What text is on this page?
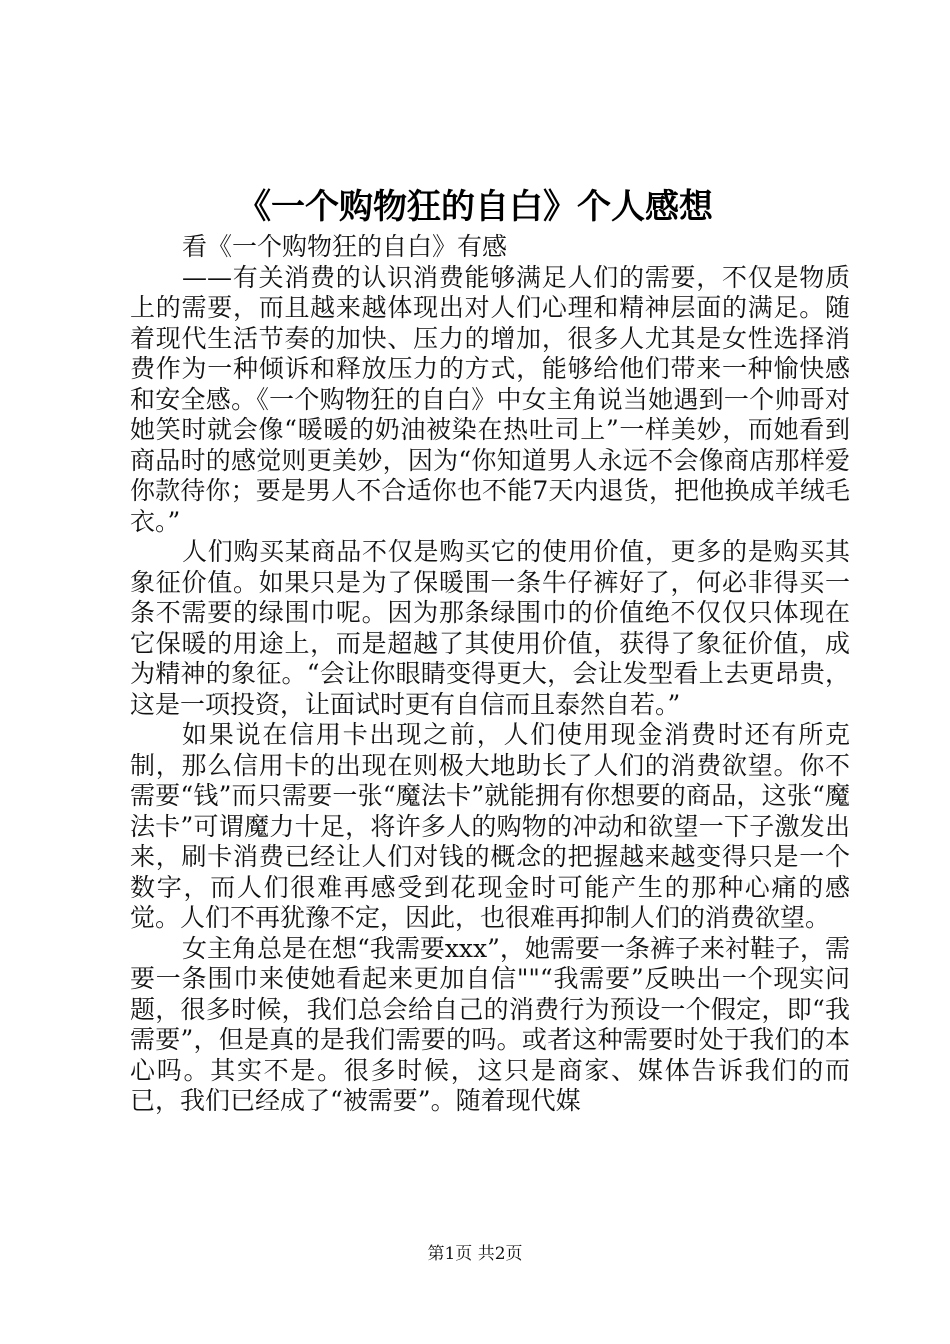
《一个购物狂的自白》个人感想

看《一个购物狂的自白》有感

——有关消费的认识消费能够满足人们的需要，不仅是物质上的需要，而且越来越体现出对人们心理和精神层面的满足。随着现代生活节奏的加快、压力的增加，很多人尤其是女性选择消费作为一种倾诉和释放压力的方式，能够给他们带来一种愉快感和安全感。《一个购物狂的自白》中女主角说当她遇到一个帅哥对她笑时就会像“暖暖的奶油被染在热吐司上”一样美妙，而她看到商品时的感觉则更美妙，因为“你知道男人永远不会像商店那样爱你款待你；要是男人不合适你也不能7天内退货，把他换成羊绒毛衣。”

人们购买某商品不仅是购买它的使用价值，更多的是购买其象征价值。如果只是为了保暖围一条牛仔裤好了，何必非得买一条不需要的绿围巾呢。因为那条绿围巾的价值绝不仅仅只体现在它保暖的用途上，而是超越了其使用价值，获得了象征价值，成为精神的象征。“会让你眼睛变得更大，会让发型看上去更昂贵，这是一项投资，让面试时更有自信而且泰然自若。”

如果说在信用卡出现之前，人们使用现金消费时还有所克制，那么信用卡的出现在则极大地助长了人们的消费欲望。你不需要“钱”而只需要一张“魔法卡”就能拥有你想要的商品，这张“魔法卡”可谓魔力十足，将许多人的购物的冲动和欲望一下子激发出来，刷卡消费已经让人们对钱的概念的把握越来越变得只是一个数字，而人们很难再感受到花现金时可能产生的那种心痛的感觉。人们不再犹豫不定，因此，也很难再抑制人们的消费欲望。

女主角总是在想“我需要xxx”，她需要一条裤子来衬鞋子，需要一条围巾来使她看起来更加自信""“我需要”反映出一个现实问题，很多时候，我们总会给自己的消费行为预设一个假定，即“我需要”，但是真的是我们需要的吗。或者这种需要时处于我们的本心吗。其实不是。很多时候，这只是商家、媒体告诉我们的而已，我们已经成了“被需要”。随着现代媒

第1页 共2页
